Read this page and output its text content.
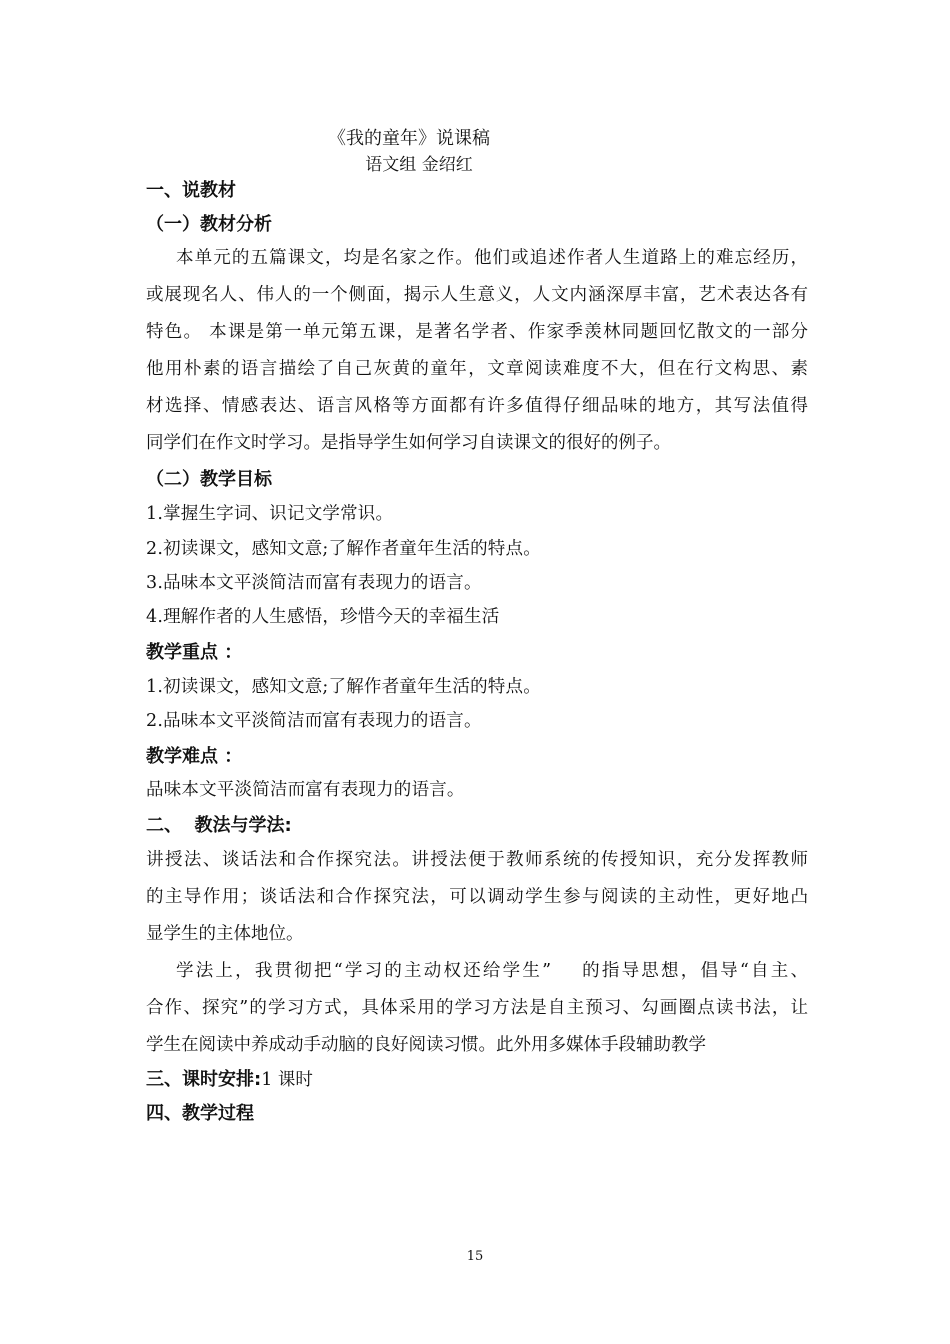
《我的童年》说课稿
语文组 金绍红
一、说教材
（一）教材分析
本单元的五篇课文，均是名家之作。他们或追述作者人生道路上的难忘经历，
或展现名人、伟人的一个侧面，揭示人生意义，人文内涵深厚丰富，艺术表达各有
特色。 本课是第一单元第五课，是著名学者、作家季羡林同题回忆散文的一部分
他用朴素的语言描绘了自己灰黄的童年，文章阅读难度不大，但在行文构思、素
材选择、情感表达、语言风格等方面都有许多值得仔细品味的地方，其写法值得
同学们在作文时学习。是指导学生如何学习自读课文的很好的例子。
（二）教学目标
1.掌握生字词、识记文学常识。
2.初读课文，感知文意;了解作者童年生活的特点。
3.品味本文平淡简洁而富有表现力的语言。
4.理解作者的人生感悟，珍惜今天的幸福生活
教学重点 ：
1.初读课文，感知文意;了解作者童年生活的特点。
2.品味本文平淡简洁而富有表现力的语言。
教学难点 ：
品味本文平淡简洁而富有表现力的语言。
二、  教法与学法:
讲授法、谈话法和合作探究法。讲授法便于教师系统的传授知识，充分发挥教师
的主导作用；谈话法和合作探究法，可以调动学生参与阅读的主动性，更好地凸
显学生的主体地位。
学法上，我贯彻把“学习的主动权还给学生”    的指导思想，倡导“自主、
合作、探究”的学习方式，具体采用的学习方法是自主预习、勾画圈点读书法，让
学生在阅读中养成动手动脑的良好阅读习惯。此外用多媒体手段辅助教学
三、课时安排:1 课时
四、教学过程
15
